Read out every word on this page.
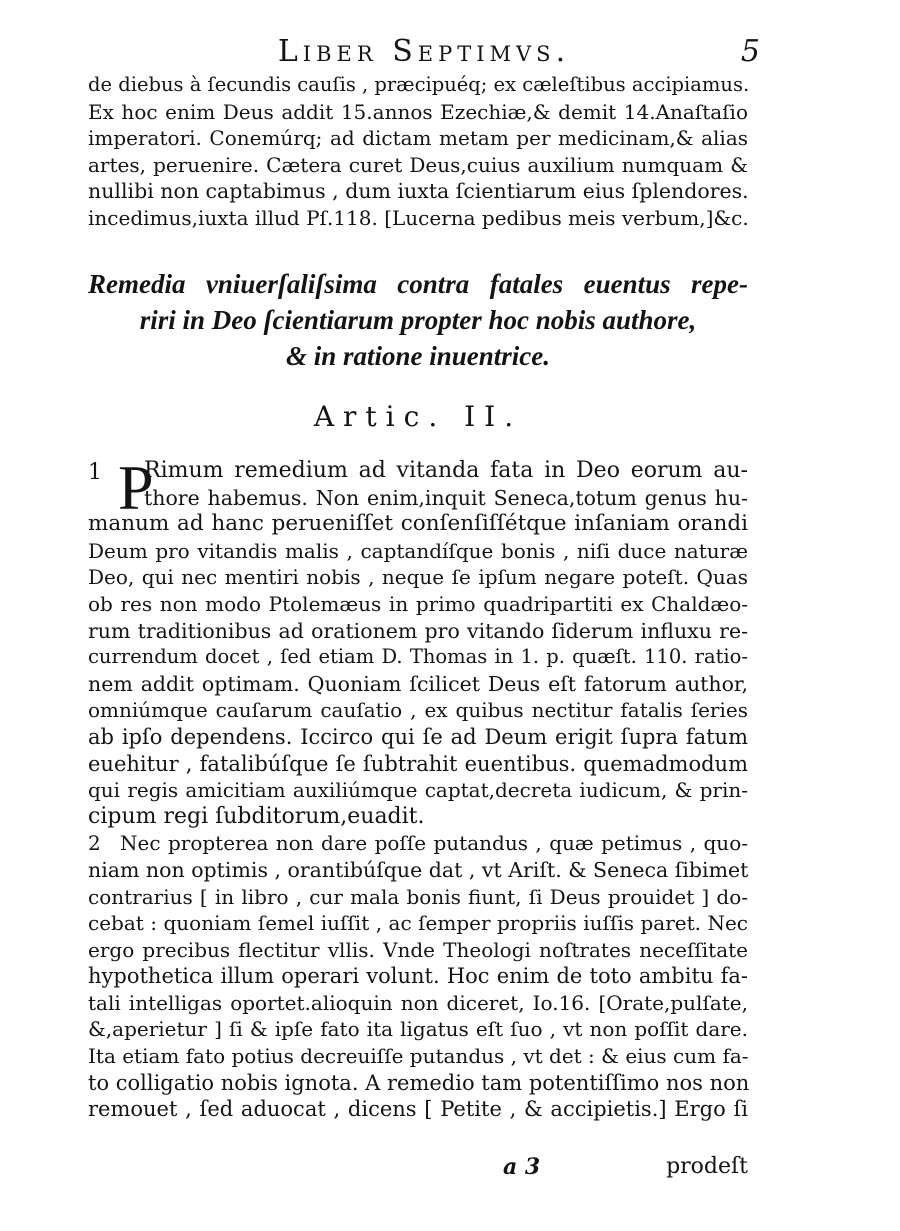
Liber Septimvs.	5
de diebus à ſecundis cauſis , præcipuéq; ex cæleſtibus accipiamus.
Ex hoc enim Deus addit 15.annos Ezechiæ,& demit 14.Anaſtaſio
imperatori. Conemúrq; ad dictam metam per medicinam,& alias
artes, peruenire. Cætera curet Deus,cuius auxilium numquam &
nullibi non captabimus , dum iuxta ſcientiarum eius ſplendores.
incedimus,iuxta illud Pſ.118. [Lucerna pedibus meis verbum,]&c.
Remedia vniuerſaliſsima contra fatales euentus repe-
riri in Deo ſcientiarum propter hoc nobis authore,
& in ratione inuentrice.
Artic. II.
1 P
Rimum remedium ad vitanda fata in Deo eorum au-
thore habemus. Non enim,inquit Seneca,totum genus hu-
manum ad hanc perueniſſet conſenſiſſétque inſaniam orandi
Deum pro vitandis malis , captandíſque bonis , niſi duce naturæ
Deo, qui nec mentiri nobis , neque ſe ipſum negare poteſt. Quas
ob res non modo Ptolemæus in primo quadripartiti ex Chaldæo-
rum traditionibus ad orationem pro vitando ſiderum influxu re-
currendum docet , ſed etiam D. Thomas in 1. p. quæſt. 110. ratio-
nem addit optimam. Quoniam ſcilicet Deus eſt fatorum author,
omniúmque cauſarum cauſatio , ex quibus nectitur fatalis ſeries
ab ipſo dependens. Iccirco qui ſe ad Deum erigit ſupra fatum
euehitur , fatalibúſque ſe ſubtrahit euentibus. quemadmodum
qui regis amicitiam auxiliúmque captat,decreta iudicum, & prin-
cipum regi ſubditorum,euadit.
2 Nec propterea non dare poſſe putandus , quæ petimus , quo-
niam non optimis , orantibúſque dat , vt Ariſt. & Seneca ſibimet
contrarius [ in libro , cur mala bonis fiunt, ſi Deus prouidet ] do-
cebat : quoniam ſemel iuſſit , ac ſemper propriis iuſſis paret. Nec
ergo precibus flectitur vllis. Vnde Theologi noſtrates neceſſitate
hypothetica illum operari volunt. Hoc enim de toto ambitu fa-
tali intelligas oportet.alioquin non diceret, Io.16. [Orate,pulſate,
&,aperietur ] ſi & ipſe fato ita ligatus eſt ſuo , vt non poſſit dare.
Ita etiam fato potius decreuiſſe putandus , vt det : & eius cum fa-
to colligatio nobis ignota. A remedio tam potentiſſimo nos non
remouet , ſed aduocat , dicens [ Petite , & accipietis.] Ergo ſi
a 3	prodeſt
